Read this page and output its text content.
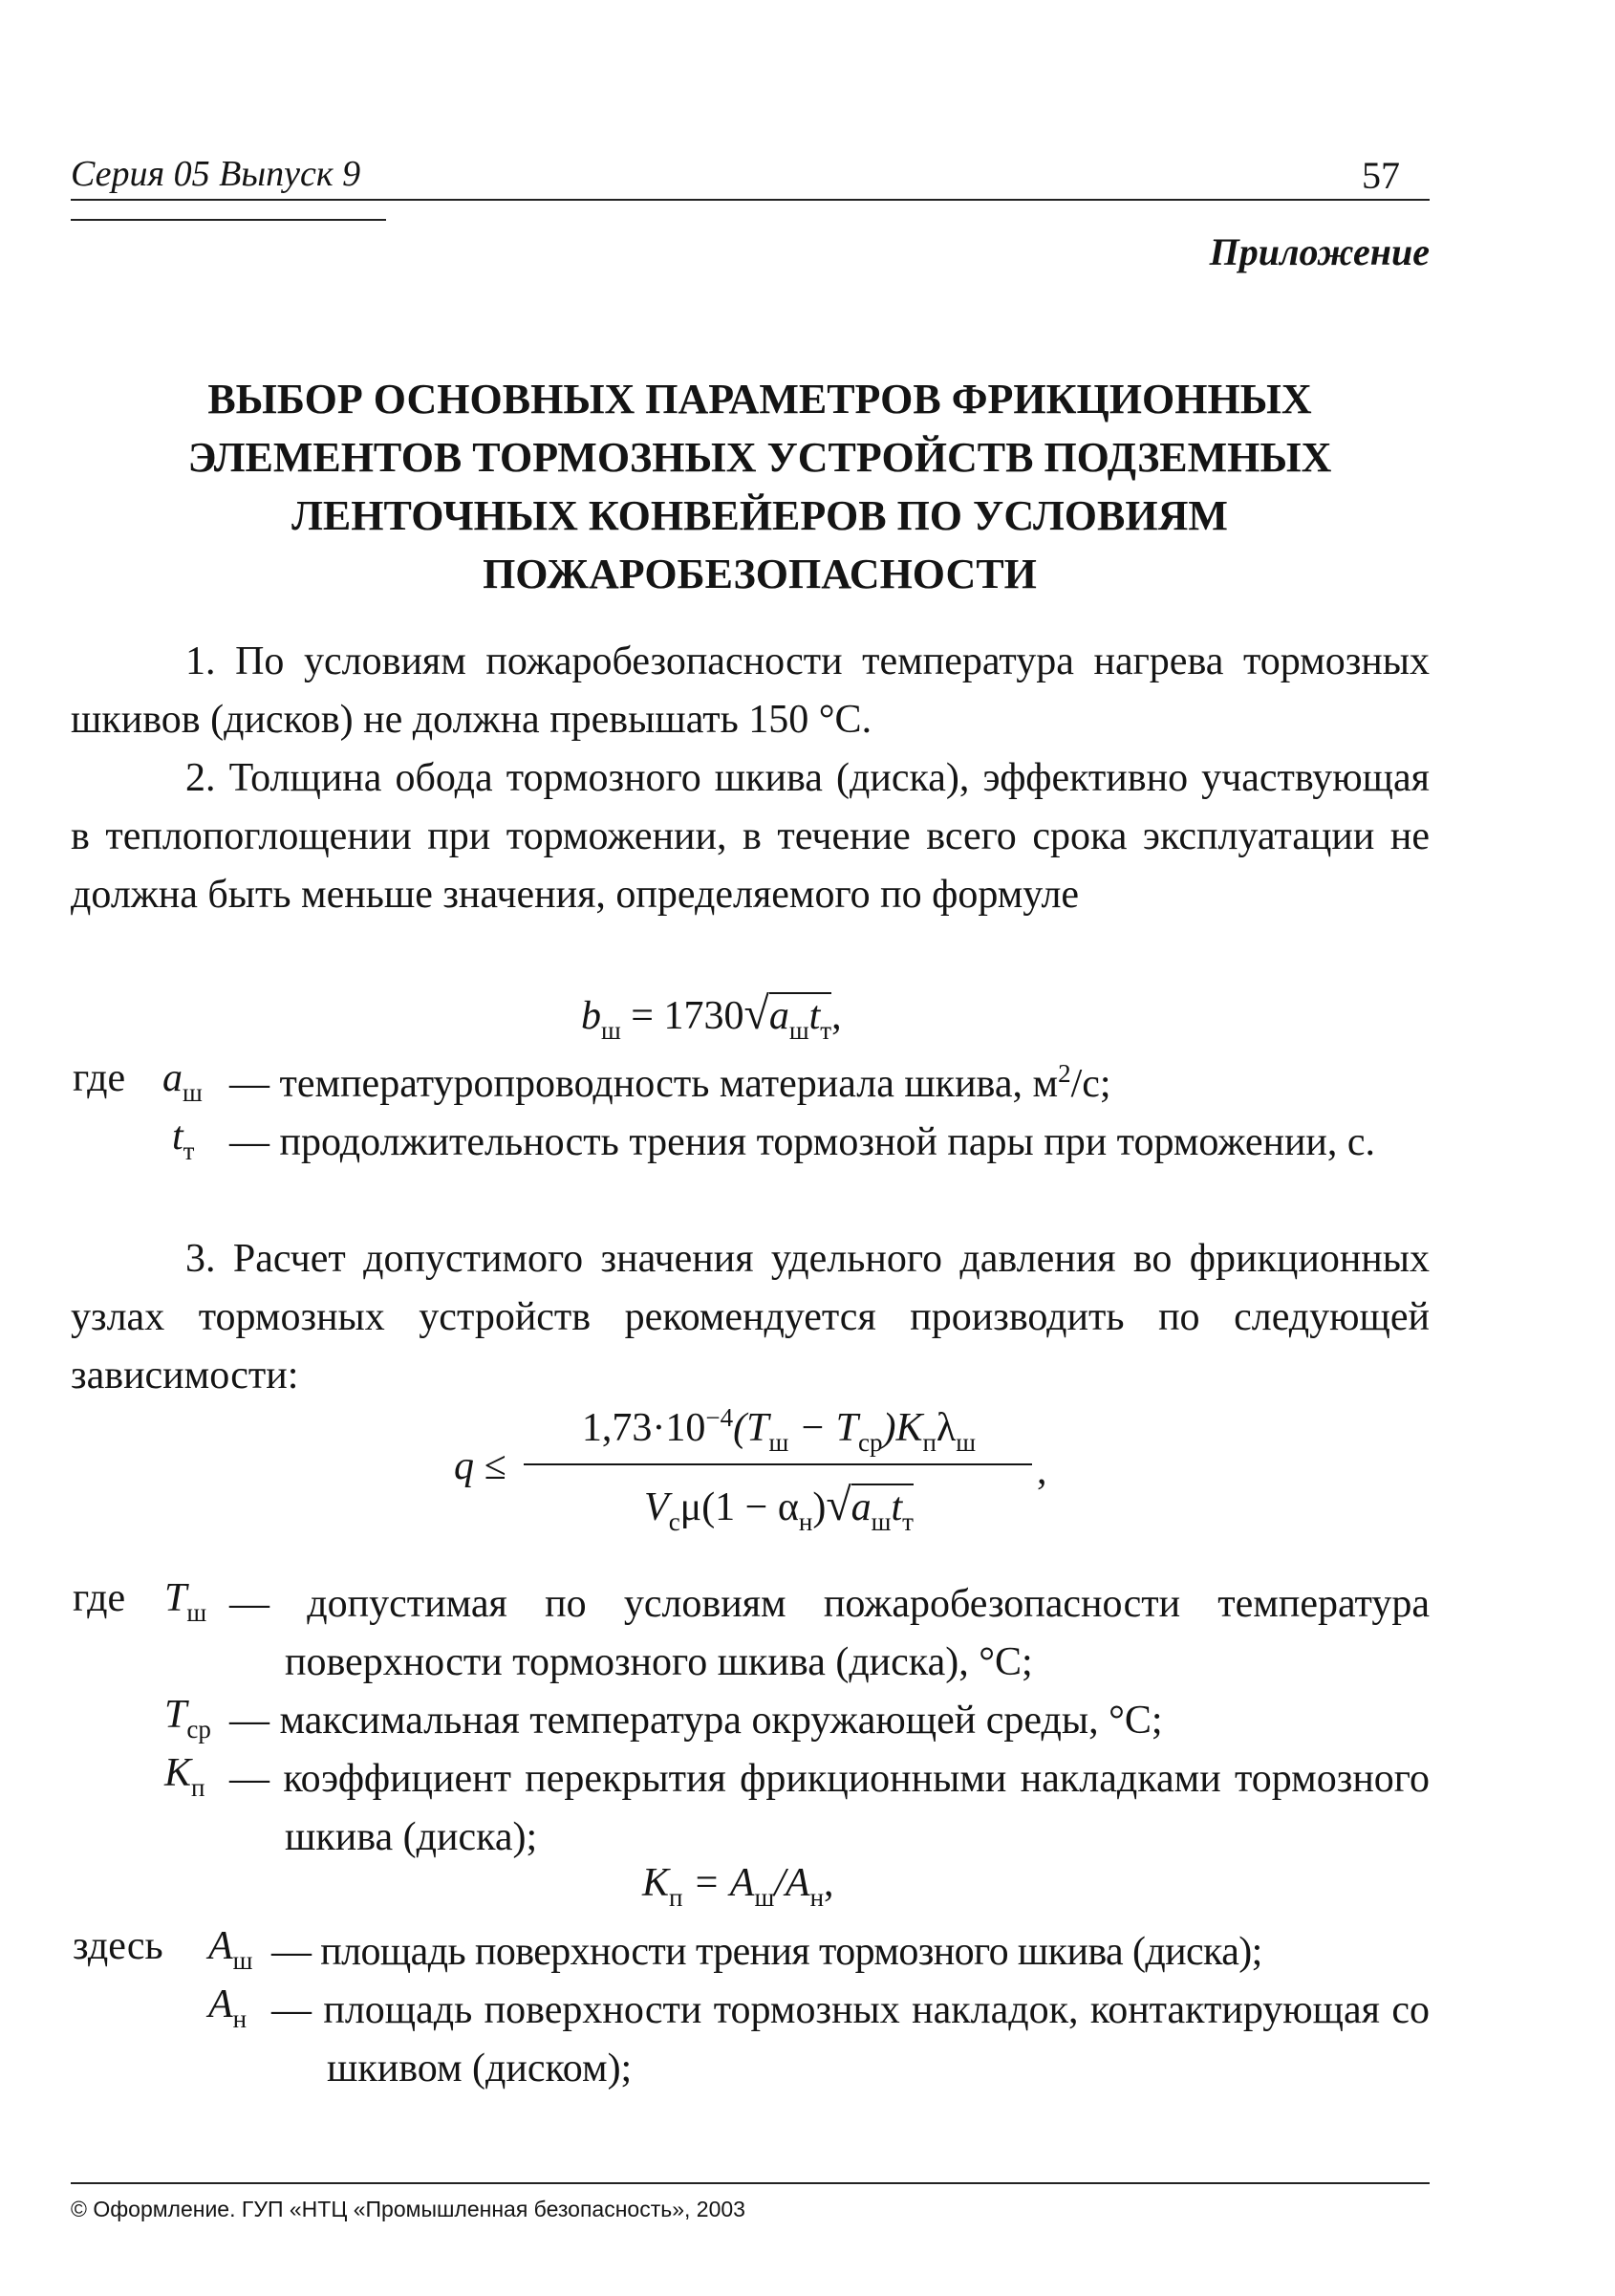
Серия 05 Выпуск 9	57
Приложение
ВЫБОР ОСНОВНЫХ ПАРАМЕТРОВ ФРИКЦИОННЫХ ЭЛЕМЕНТОВ ТОРМОЗНЫХ УСТРОЙСТВ ПОДЗЕМНЫХ ЛЕНТОЧНЫХ КОНВЕЙЕРОВ ПО УСЛОВИЯМ ПОЖАРОБЕЗОПАСНОСТИ
1. По условиям пожаробезопасности температура нагрева тормозных шкивов (дисков) не должна превышать 150 °С.
2. Толщина обода тормозного шкива (диска), эффективно участвующая в теплопоглощении при торможении, в течение всего срока эксплуатации не должна быть меньше значения, определяемого по формуле
$b_ш = 1730√a_шt_т$,
где aш — температуропроводность материала шкива, $м^2/с$;
tт — продолжительность трения тормозной пары при торможении, с.
3. Расчет допустимого значения удельного давления во фрикционных узлах тормозных устройств рекомендуется производить по следующей зависимости:
q ≤
$1,73\cdot 10^{-4}(T_ш - T_{ср})K_п\lambda_ш$
$V_с\mu(1 - \alpha_н)√a_шt_т$
,
где Tш — допустимая по условиям пожаробезопасности температура поверхности тормозного шкива (диска), °С;
Tср — максимальная температура окружающей среды, °С;
Kп — коэффициент перекрытия фрикционными накладками тормозного шкива (диска);
$K_п = A_ш/A_н$,
здесь Aш — площадь поверхности трения тормозного шкива (диска);
Aн — площадь поверхности тормозных накладок, контактирующая со шкивом (диском);
© Оформление. ГУП «НТЦ «Промышленная безопасность», 2003
